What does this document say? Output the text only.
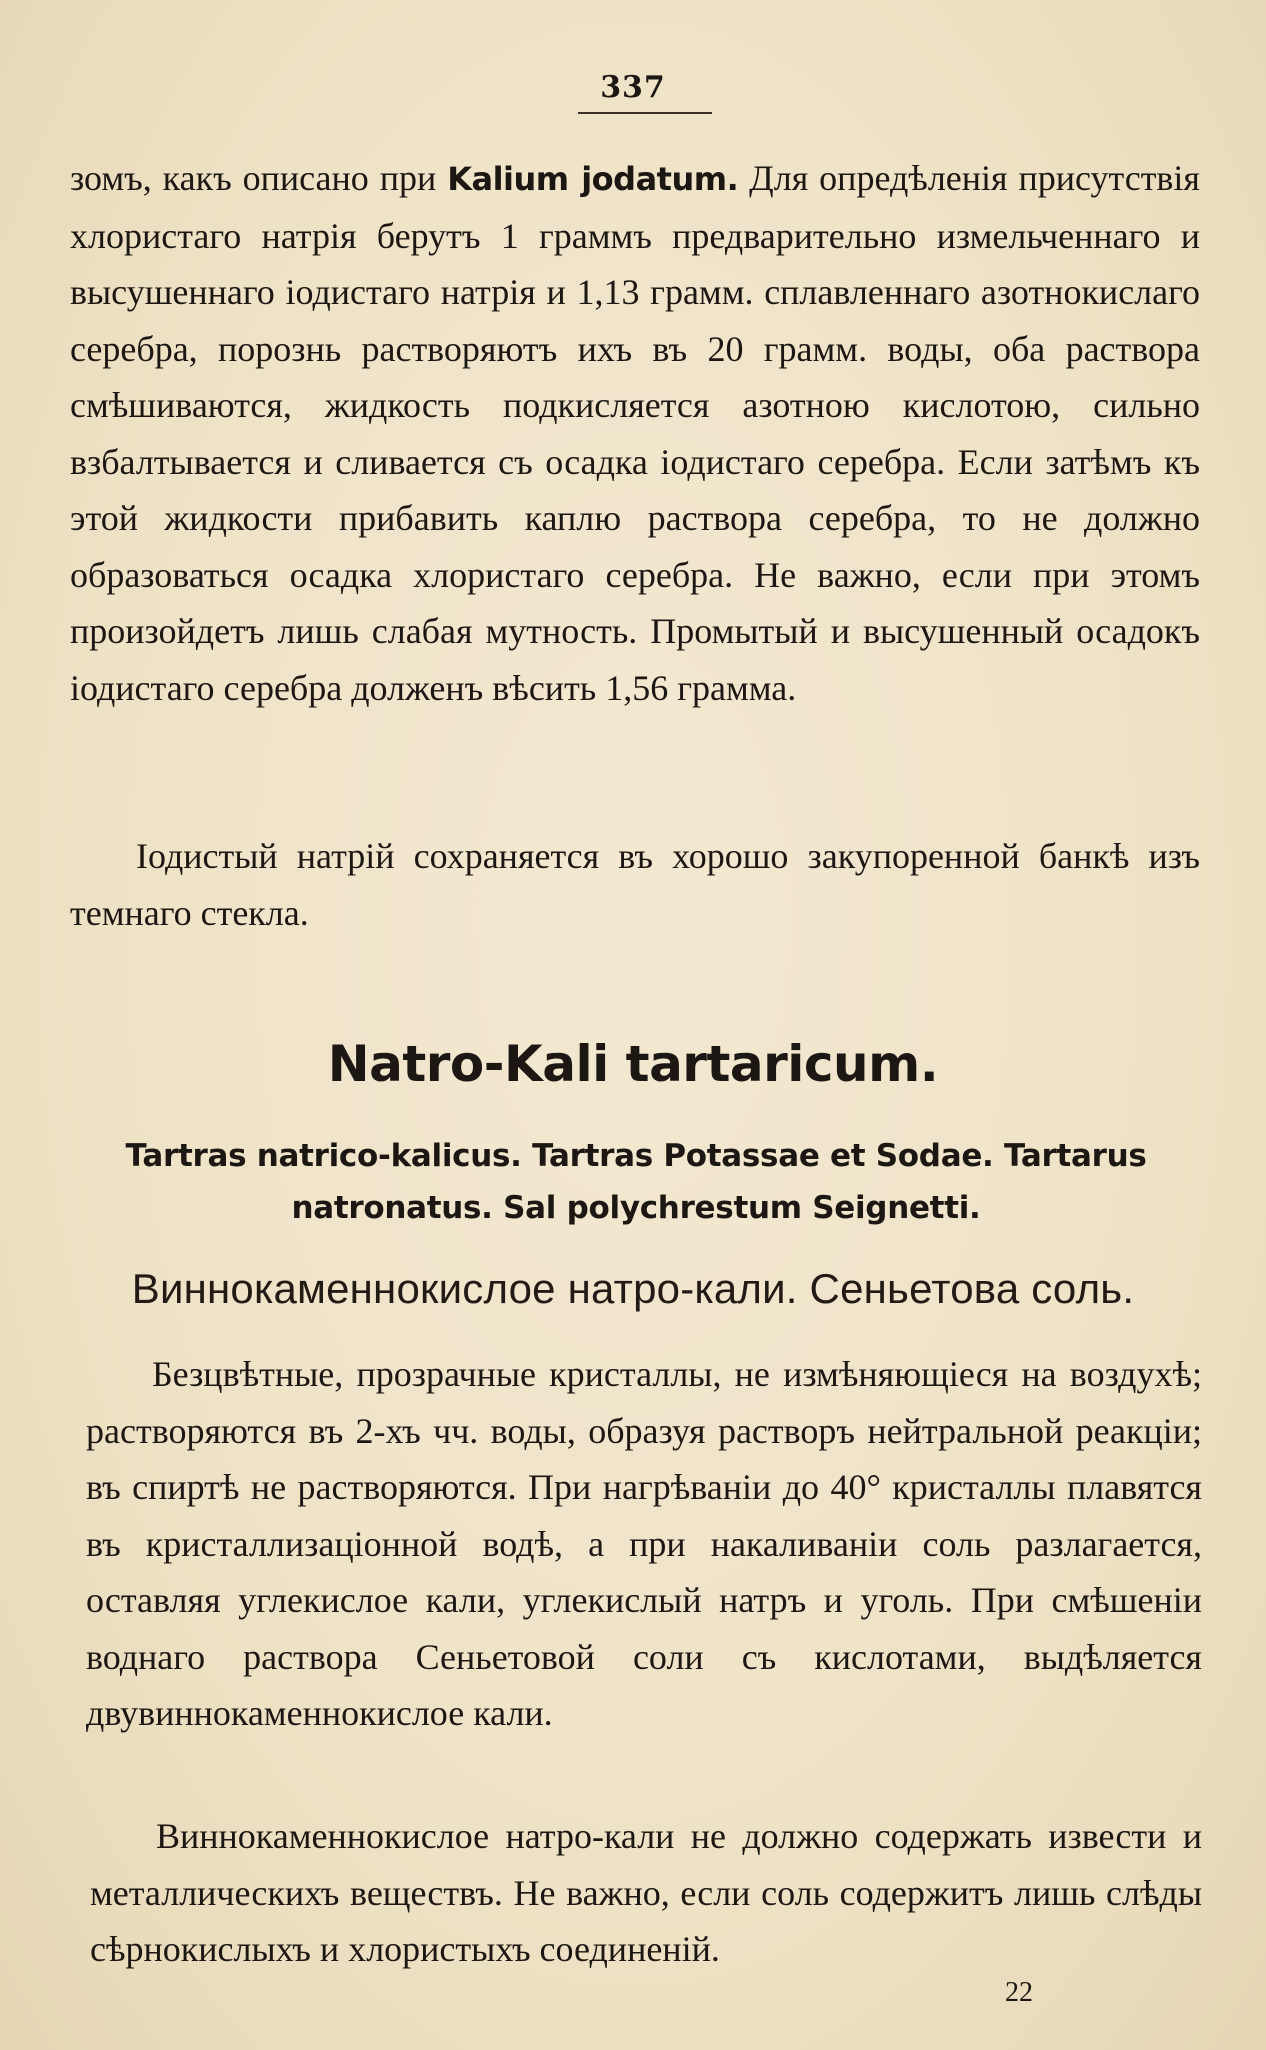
337
зомъ, какъ описано при Kalium jodatum. Для опредѣленія присутствія хлористаго натрія берутъ 1 граммъ предварительно измельченнаго и высушеннаго іодистаго натрія и 1,13 грамм. сплавленнаго азотнокислаго серебра, порознь растворяютъ ихъ въ 20 грамм. воды, оба раствора смѣшиваются, жидкость подкисляется азотною кислотою, сильно взбалтывается и сливается съ осадка іодистаго серебра. Если затѣмъ къ этой жидкости прибавить каплю раствора серебра, то не должно образоваться осадка хлористаго серебра. Не важно, если при этомъ произойдетъ лишь слабая мутность. Промытый и высушенный осадокъ іодистаго серебра долженъ вѣсить 1,56 грамма.
Іодистый натрій сохраняется въ хорошо закупоренной банкѣ изъ темнаго стекла.
Natro-Kali tartaricum.
Tartras natrico-kalicus. Tartras Potassae et Sodae. Tartarus natronatus. Sal polychrestum Seignetti.
Виннокаменнокислое натро-кали. Сеньетова соль.
Безцвѣтные, прозрачные кристаллы, не измѣняющіеся на воздухѣ; растворяются въ 2-хъ чч. воды, образуя растворъ нейтральной реакціи; въ спиртѣ не растворяются. При нагрѣваніи до 40° кристаллы плавятся въ кристаллизаціонной водѣ, а при накаливаніи соль разлагается, оставляя углекислое кали, углекислый натръ и уголь. При смѣшеніи воднаго раствора Сеньетовой соли съ кислотами, выдѣляется двувиннокаменнокислое кали.
Виннокаменнокислое натро-кали не должно содержать извести и металлическихъ веществъ. Не важно, если соль содержитъ лишь слѣды сѣрнокислыхъ и хлористыхъ соединеній.
22
